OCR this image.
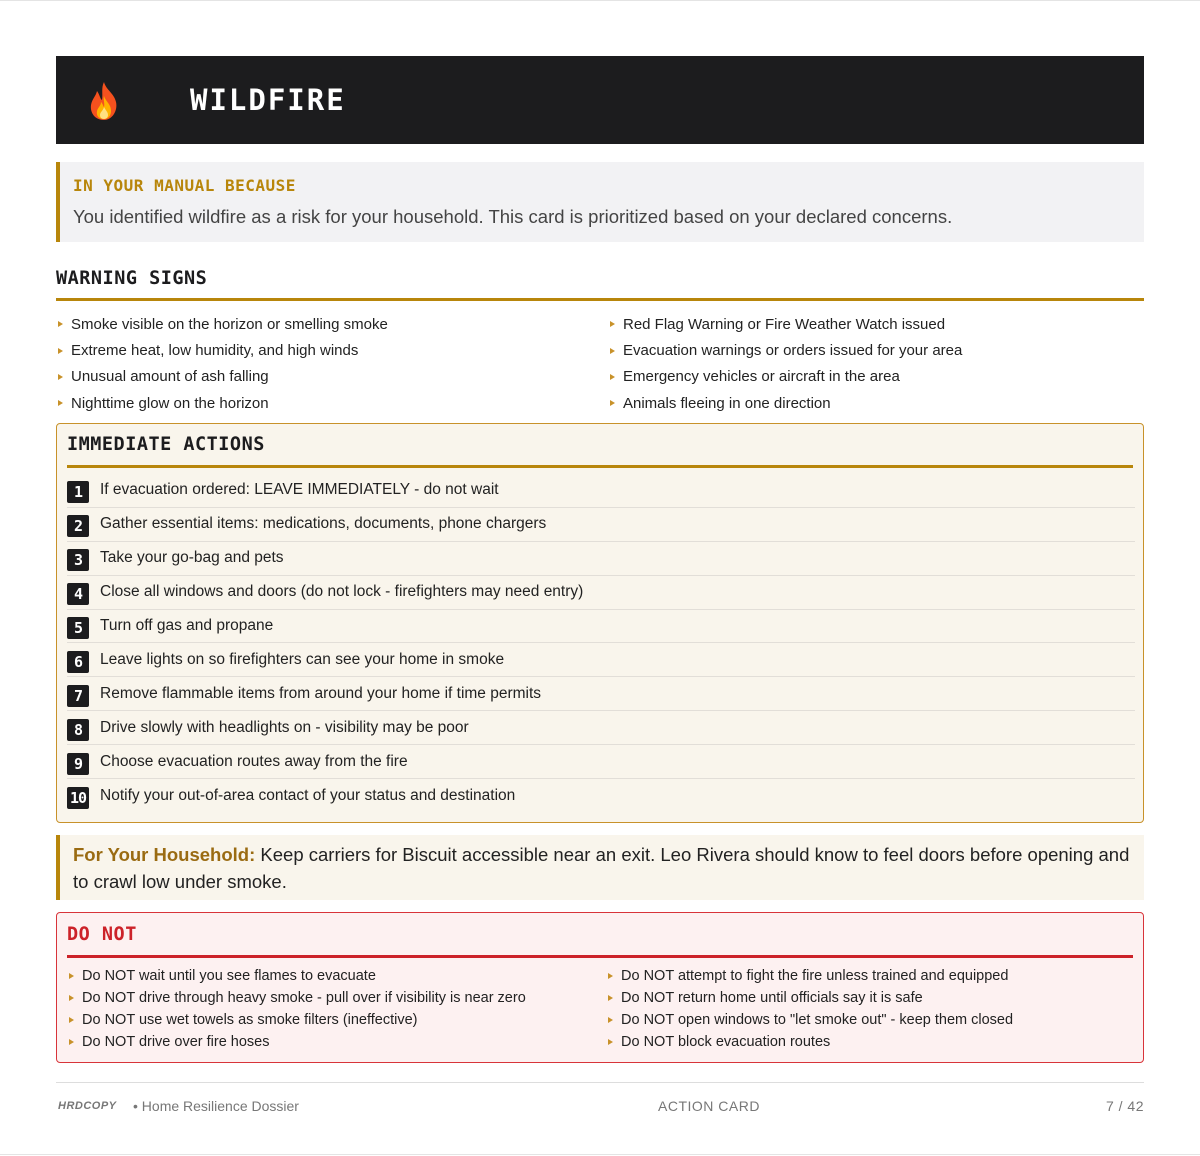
WILDFIRE
IN YOUR MANUAL BECAUSE
You identified wildfire as a risk for your household. This card is prioritized based on your declared concerns.
WARNING SIGNS
Smoke visible on the horizon or smelling smoke
Extreme heat, low humidity, and high winds
Unusual amount of ash falling
Nighttime glow on the horizon
Red Flag Warning or Fire Weather Watch issued
Evacuation warnings or orders issued for your area
Emergency vehicles or aircraft in the area
Animals fleeing in one direction
IMMEDIATE ACTIONS
1	If evacuation ordered: LEAVE IMMEDIATELY - do not wait
2	Gather essential items: medications, documents, phone chargers
3	Take your go-bag and pets
4	Close all windows and doors (do not lock - firefighters may need entry)
5	Turn off gas and propane
6	Leave lights on so firefighters can see your home in smoke
7	Remove flammable items from around your home if time permits
8	Drive slowly with headlights on - visibility may be poor
9	Choose evacuation routes away from the fire
10 Notify your out-of-area contact of your status and destination
For Your Household: Keep carriers for Biscuit accessible near an exit. Leo Rivera should know to feel doors before opening and to crawl low under smoke.
DO NOT
Do NOT wait until you see flames to evacuate
Do NOT drive through heavy smoke - pull over if visibility is near zero
Do NOT use wet towels as smoke filters (ineffective)
Do NOT drive over fire hoses
Do NOT attempt to fight the fire unless trained and equipped
Do NOT return home until officials say it is safe
Do NOT open windows to "let smoke out" - keep them closed
Do NOT block evacuation routes
HRDCOPY • Home Resilience Dossier	ACTION CARD	7 / 42
